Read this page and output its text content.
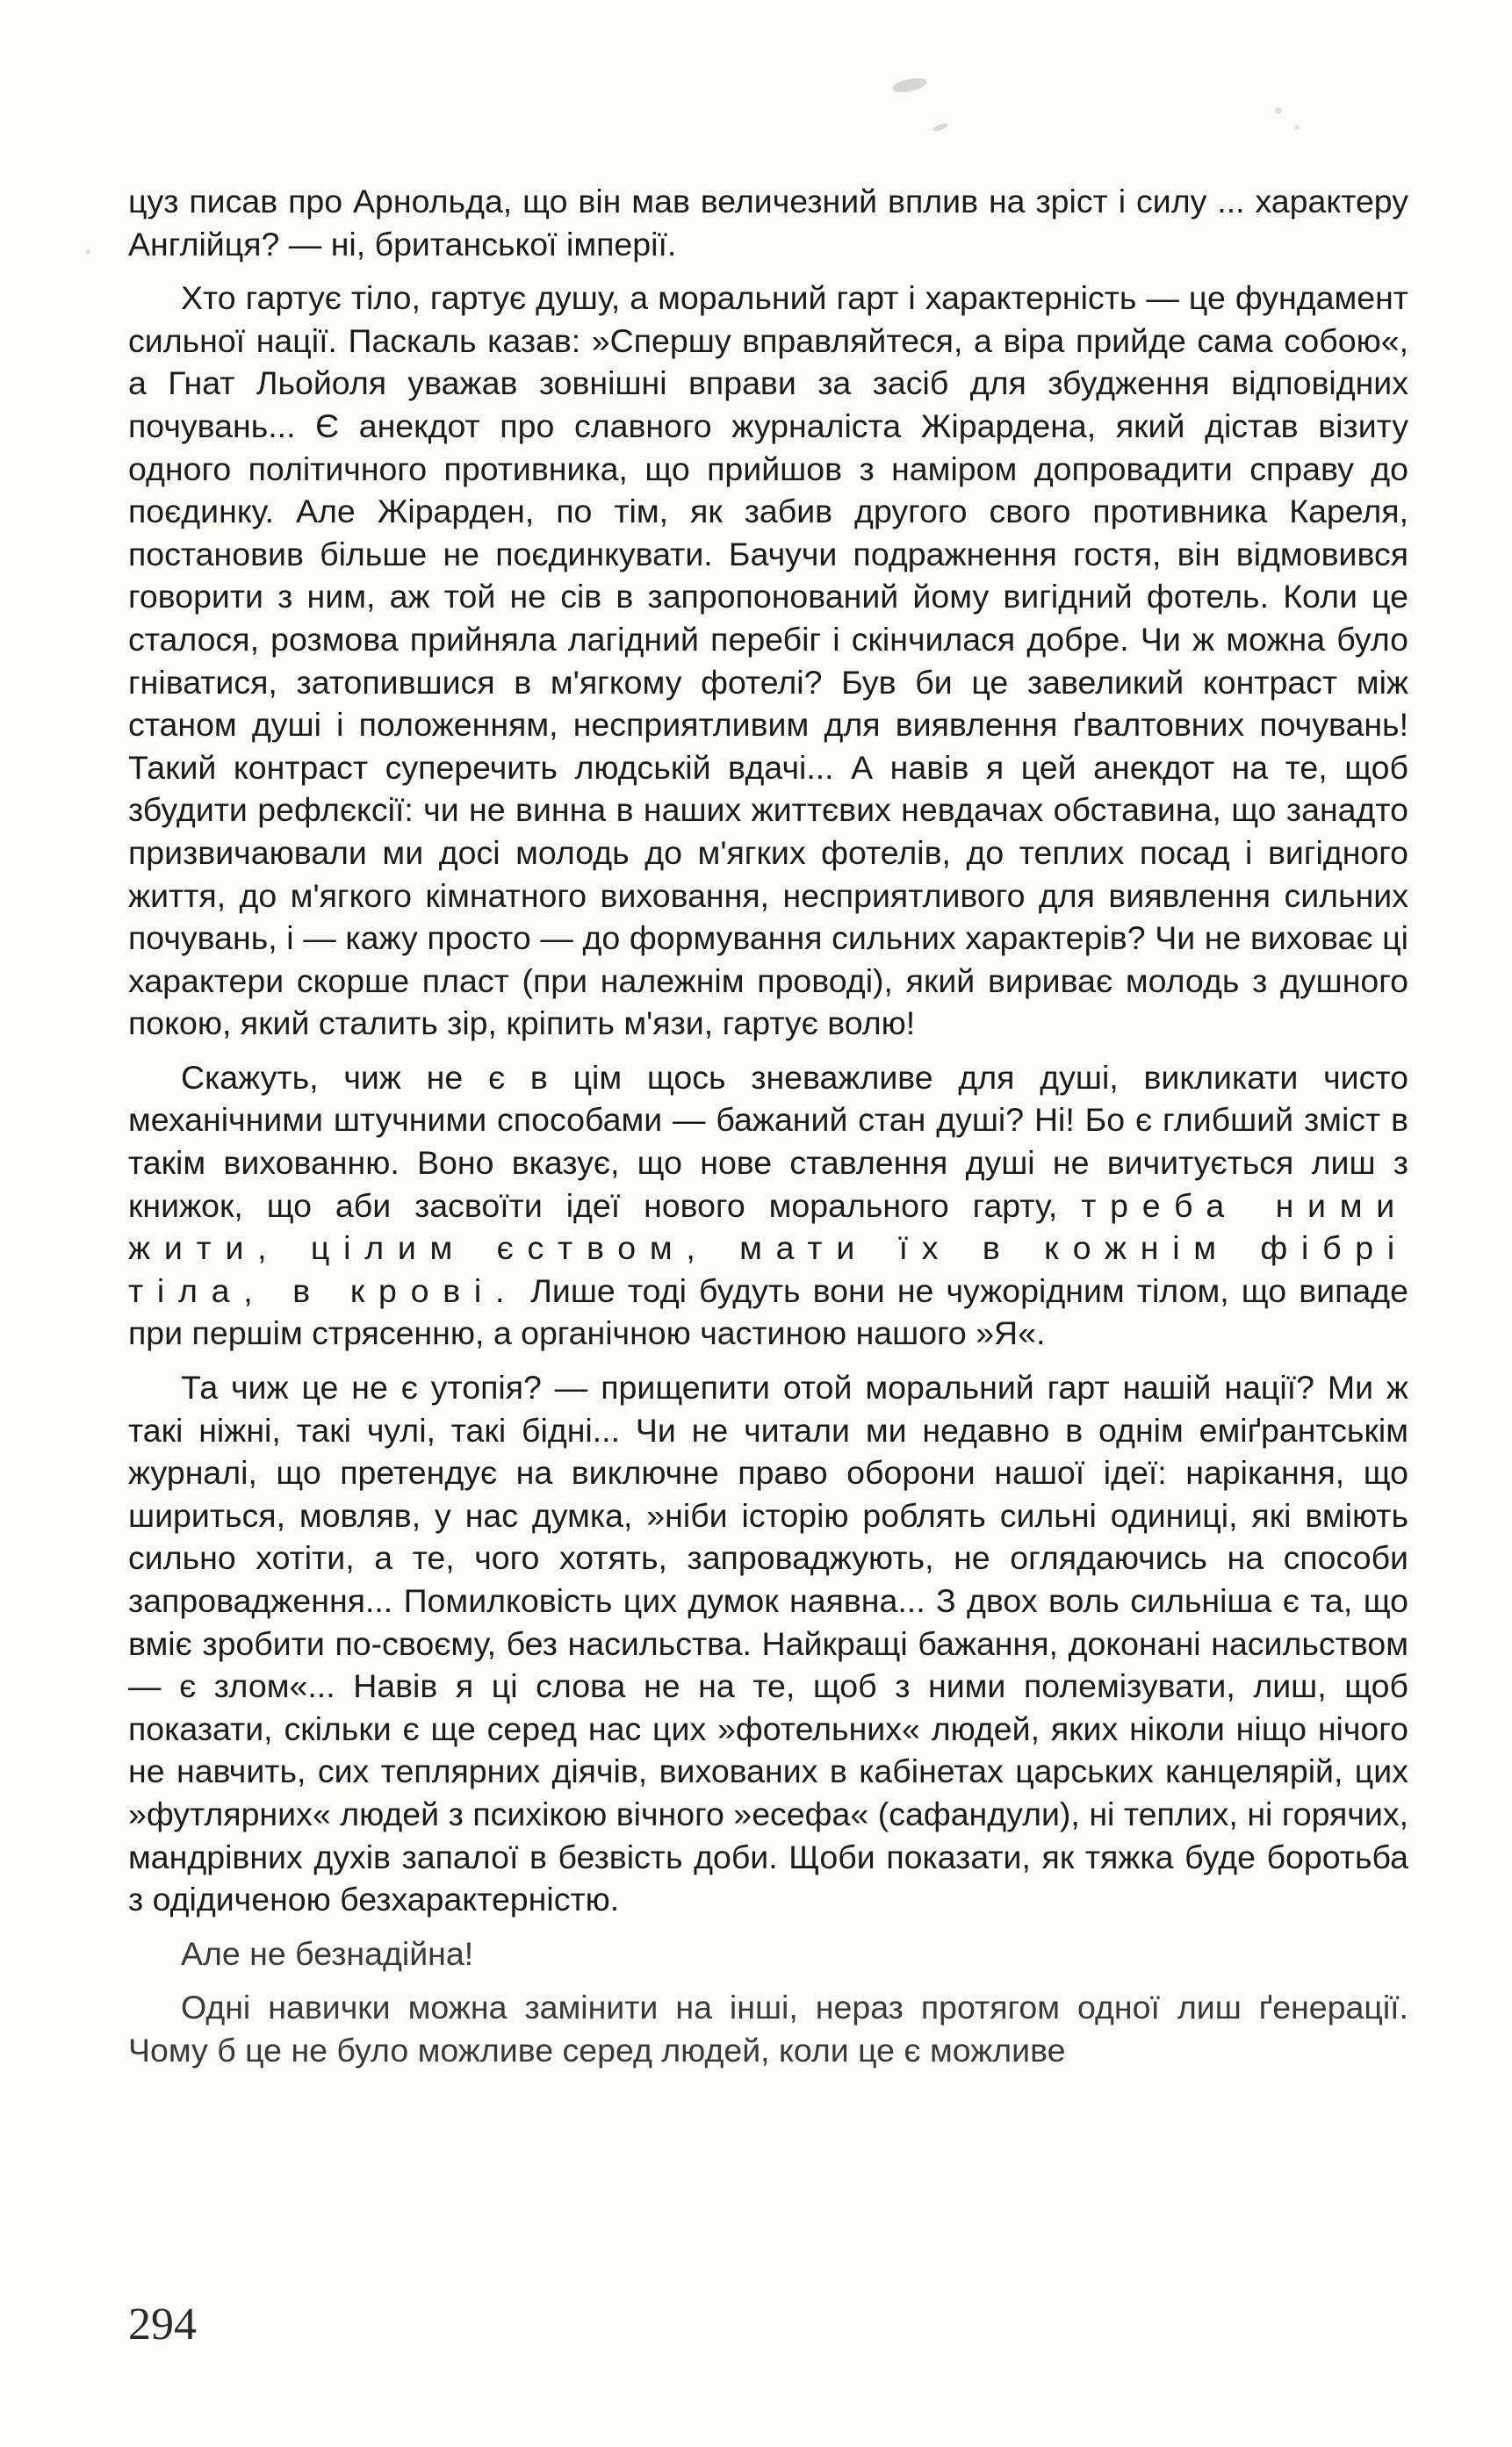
цуз писав про Арнольда, що він мав величезний вплив на зріст і силу ... характеру Англійця? — ні, британської імперії.

Хто гартує тіло, гартує душу, а моральний гарт і характерність — це фундамент сильної нації. Паскаль казав: »Спершу вправляйтеся, а віра прийде сама собою«, а Гнат Льойоля уважав зовнішні вправи за засіб для збудження відповідних почувань... Є анекдот про славного журналіста Жірардена, який дістав візиту одного політичного противника, що прийшов з наміром допровадити справу до поєдинку. Але Жірарден, по тім, як забив другого свого противника Кареля, постановив більше не поєдинкувати. Бачучи подражнення гостя, він відмовився говорити з ним, аж той не сів в запропонований йому вигідний фотель. Коли це сталося, розмова прийняла лагідний перебіг і скінчилася добре. Чи ж можна було гніватися, затопившися в м'ягкому фотелі? Був би це завеликий контраст між станом душі і положенням, несприятливим для виявлення ґвалтовних почувань! Такий контраст суперечить людській вдачі... А навів я цей анекдот на те, щоб збудити рефлєксії: чи не винна в наших життєвих невдачах обставина, що занадто призвичаювали ми досі молодь до м'ягких фотелів, до теплих посад і вигідного життя, до м'ягкого кімнатного виховання, несприятливого для виявлення сильних почувань, і — кажу просто — до формування сильних характерів? Чи не виховає ці характери скорше пласт (при належнім проводі), який вириває молодь з душного покою, який сталить зір, кріпить м'язи, гартує волю!

Скажуть, чиж не є в цім щось зневажливе для душі, викликати чисто механічними штучними способами — бажаний стан душі? Ні! Бо є глибший зміст в такім вихованню. Воно вказує, що нове ставлення душі не вичитується лиш з книжок, що аби засвоїти ідеї нового морального гарту, треба ними жити, цілим єством, мати їх в кожнім фібрі тіла, в крові. Лише тоді будуть вони не чужорідним тілом, що випаде при першім стрясенню, а органічною частиною нашого »Я«.

Та чиж це не є утопія? — прищепити отой моральний гарт нашій нації? Ми ж такі ніжні, такі чулі, такі бідні... Чи не читали ми недавно в однім еміґрантськім журналі, що претендує на виключне право оборони нашої ідеї: нарікання, що шириться, мовляв, у нас думка, »ніби історію роблять сильні одиниці, які вміють сильно хотіти, а те, чого хотять, запроваджують, не оглядаючись на способи запровадження... Помилковість цих думок наявна... З двох воль сильніша є та, що вміє зробити по-своєму, без насильства. Найкращі бажання, доконані насильством — є злом«... Навів я ці слова не на те, щоб з ними полемізувати, лиш, щоб показати, скільки є ще серед нас цих »фотельних« людей, яких ніколи ніщо нічого не навчить, сих теплярних діячів, вихованих в кабінетах царських канцелярій, цих »футлярних« людей з психікою вічного »есефа« (сафандули), ні теплих, ні горячих, мандрівних духів запалої в безвість доби. Щоби показати, як тяжка буде боротьба з одідиченою безхарактерністю.

Але не безнадійна!

Одні навички можна замінити на інші, нераз протягом одної лиш ґенерації. Чому б це не було можливе серед людей, коли це є можливе

294
